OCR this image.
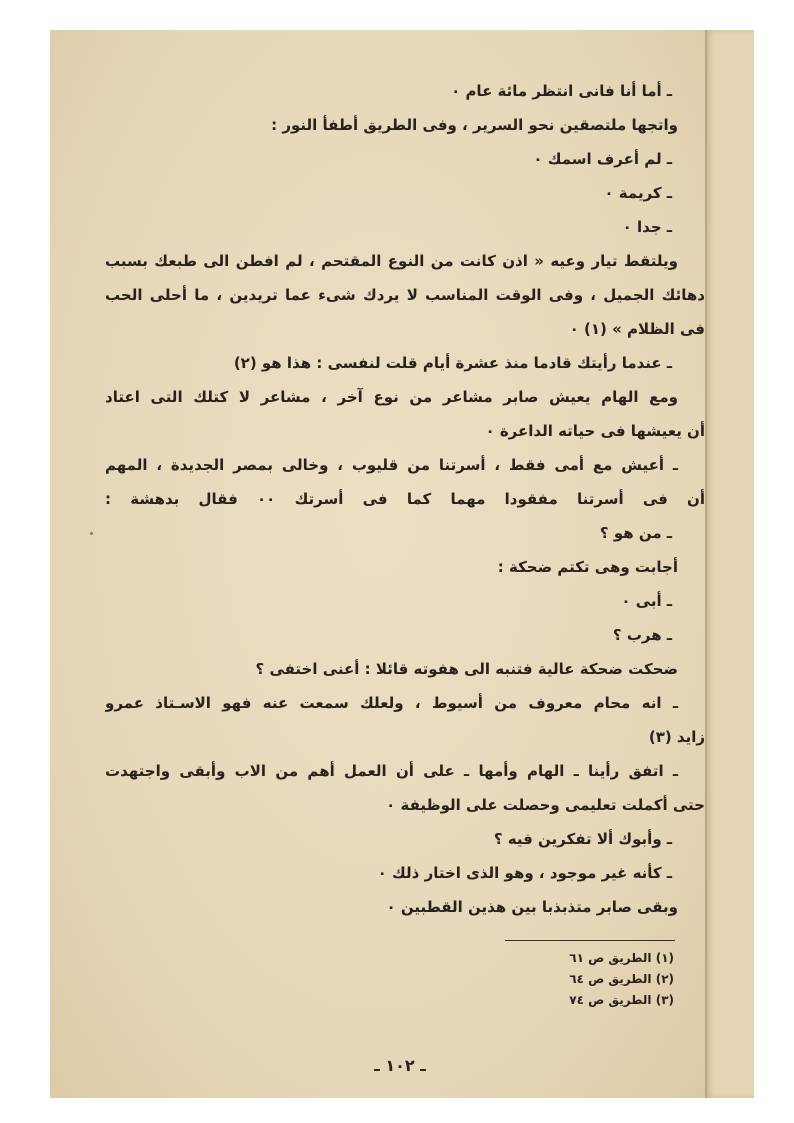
ـ أما أنا فانى انتظر مائة عام ٠
واتجها ملتصقين نحو السرير ، وفى الطريق أطفأ النور :
ـ لم أعرف اسمك ٠
ـ كريمة ٠
ـ جدا ٠
ويلتقط تيار وعيه « اذن كانت من النوع المقتحم ، لم افطن الى طبعك بسبب
دهائك الجميل ، وفى الوقت المناسب لا يردك شىء عما تريدين ، ما أحلى الحب
فى الظلام » (١) ٠
ـ عندما رأيتك قادما منذ عشرة أيام قلت لنفسى : هذا هو (٢)
ومع الهام يعيش صابر مشاعر من نوع آخر ، مشاعر لا كتلك التى اعتاد
أن يعيشها فى حياته الداعرة ٠
ـ أعيش مع أمى فقط ، أسرتنا من قليوب ، وخالى بمصر الجديدة ، المهم
أن فى أسرتنا مفقودا مهما كما فى أسرتك ٠٠ فقال بدهشة :
ـ من هو ؟
أجابت وهى تكتم ضحكة :
ـ أبى ٠
ـ هرب ؟
ضحكت ضحكة عالية فتنبه الى هفوته قائلا : أعنى اختفى ؟
ـ انه محام معروف من أسيوط ، ولعلك سمعت عنه فهو الاسـتاذ عمرو
زايد (٣)
ـ اتفق رأينا ـ الهام وأمها ـ على أن العمل أهم من الاب وأبقى واجتهدت
حتى أكملت تعليمى وحصلت على الوظيفة ٠
ـ وأبوك ألا تفكرين فيه ؟
ـ كأنه غير موجود ، وهو الذى اختار ذلك ٠
وبقى صابر متذبذبا بين هذين القطبين ٠
(١) الطريق ص ٦١
(٢) الطريق ص ٦٤
(٣) الطريق ص ٧٤
ـ ١٠٢ ـ
